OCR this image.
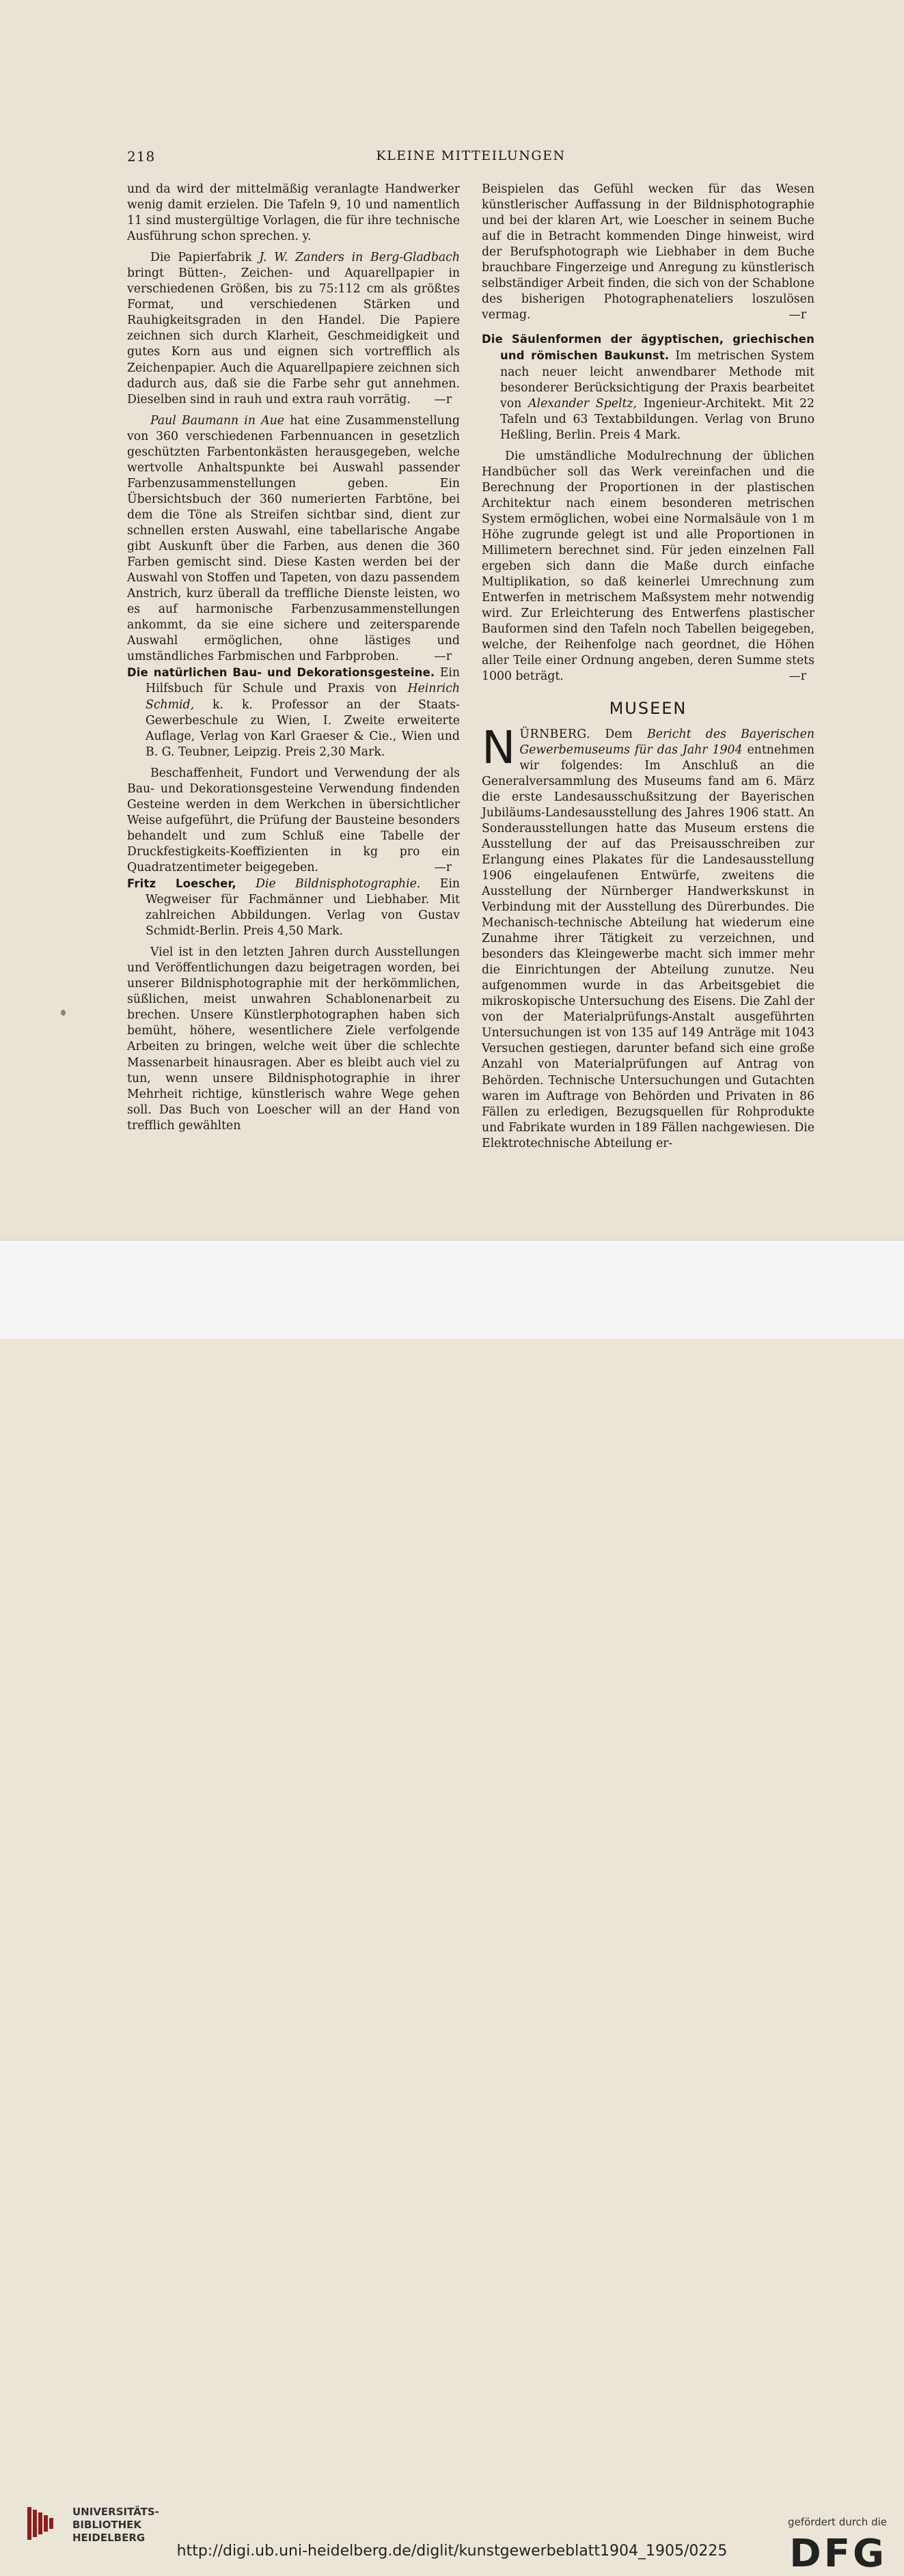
218	KLEINE MITTEILUNGEN

und da wird der mittelmäßig veranlagte Handwerker wenig damit erzielen. Die Tafeln 9, 10 und namentlich 11 sind mustergültige Vorlagen, die für ihre technische Ausführung schon sprechen. y.

Die Papierfabrik J. W. Zanders in Berg-Gladbach bringt Bütten-, Zeichen- und Aquarellpapier in verschiedenen Größen, bis zu 75:112 cm als größtes Format, und verschiedenen Stärken und Rauhigkeitsgraden in den Handel. Die Papiere zeichnen sich durch Klarheit, Geschmeidigkeit und gutes Korn aus und eignen sich vortrefflich als Zeichenpapier. Auch die Aquarellpapiere zeichnen sich dadurch aus, daß sie die Farbe sehr gut annehmen. Dieselben sind in rauh und extra rauh vorrätig.	—r

Paul Baumann in Aue hat eine Zusammenstellung von 360 verschiedenen Farbennuancen in gesetzlich geschützten Farbentonkästen herausgegeben, welche wertvolle Anhaltspunkte bei Auswahl passender Farbenzusammenstellungen geben. Ein Übersichtsbuch der 360 numerierten Farbtöne, bei dem die Töne als Streifen sichtbar sind, dient zur schnellen ersten Auswahl, eine tabellarische Angabe gibt Auskunft über die Farben, aus denen die 360 Farben gemischt sind. Diese Kasten werden bei der Auswahl von Stoffen und Tapeten, von dazu passendem Anstrich, kurz überall da treffliche Dienste leisten, wo es auf harmonische Farbenzusammenstellungen ankommt, da sie eine sichere und zeitersparende Auswahl ermöglichen, ohne lästiges und umständliches Farbmischen und Farbproben.	—r

Die natürlichen Bau- und Dekorationsgesteine. Ein Hilfsbuch für Schule und Praxis von Heinrich Schmid, k. k. Professor an der Staats-Gewerbeschule zu Wien, I. Zweite erweiterte Auflage, Verlag von Karl Graeser & Cie., Wien und B. G. Teubner, Leipzig. Preis 2,30 Mark.

Beschaffenheit, Fundort und Verwendung der als Bau- und Dekorationsgesteine Verwendung findenden Gesteine werden in dem Werkchen in übersichtlicher Weise aufgeführt, die Prüfung der Bausteine besonders behandelt und zum Schluß eine Tabelle der Druckfestigkeits-Koeffizienten in kg pro ein Quadratzentimeter beigegeben.	—r

Fritz Loescher, Die Bildnisphotographie. Ein Wegweiser für Fachmänner und Liebhaber. Mit zahlreichen Abbildungen. Verlag von Gustav Schmidt-Berlin. Preis 4,50 Mark.

Viel ist in den letzten Jahren durch Ausstellungen und Veröffentlichungen dazu beigetragen worden, bei unserer Bildnisphotographie mit der herkömmlichen, süßlichen, meist unwahren Schablonenarbeit zu brechen. Unsere Künstlerphotographen haben sich bemüht, höhere, wesentlichere Ziele verfolgende Arbeiten zu bringen, welche weit über die schlechte Massenarbeit hinausragen. Aber es bleibt auch viel zu tun, wenn unsere Bildnisphotographie in ihrer Mehrheit richtige, künstlerisch wahre Wege gehen soll. Das Buch von Loescher will an der Hand von trefflich gewählten

Beispielen das Gefühl wecken für das Wesen künstlerischer Auffassung in der Bildnisphotographie und bei der klaren Art, wie Loescher in seinem Buche auf die in Betracht kommenden Dinge hinweist, wird der Berufsphotograph wie Liebhaber in dem Buche brauchbare Fingerzeige und Anregung zu künstlerisch selbständiger Arbeit finden, die sich von der Schablone des bisherigen Photographenateliers loszulösen vermag.	—r

Die Säulenformen der ägyptischen, griechischen und römischen Baukunst. Im metrischen System nach neuer leicht anwendbarer Methode mit besonderer Berücksichtigung der Praxis bearbeitet von Alexander Speltz, Ingenieur-Architekt. Mit 22 Tafeln und 63 Textabbildungen. Verlag von Bruno Heßling, Berlin. Preis 4 Mark.

Die umständliche Modulrechnung der üblichen Handbücher soll das Werk vereinfachen und die Berechnung der Proportionen in der plastischen Architektur nach einem besonderen metrischen System ermöglichen, wobei eine Normalsäule von 1 m Höhe zugrunde gelegt ist und alle Proportionen in Millimetern berechnet sind. Für jeden einzelnen Fall ergeben sich dann die Maße durch einfache Multiplikation, so daß keinerlei Umrechnung zum Entwerfen in metrischem Maßsystem mehr notwendig wird. Zur Erleichterung des Entwerfens plastischer Bauformen sind den Tafeln noch Tabellen beigegeben, welche, der Reihenfolge nach geordnet, die Höhen aller Teile einer Ordnung angeben, deren Summe stets 1000 beträgt.	—r

MUSEEN

NÜRNBERG. Dem Bericht des Bayerischen Gewerbemuseums für das Jahr 1904 entnehmen wir folgendes: Im Anschluß an die Generalversammlung des Museums fand am 6. März die erste Landesausschußsitzung der Bayerischen Jubiläums-Landesausstellung des Jahres 1906 statt. An Sonderausstellungen hatte das Museum erstens die Ausstellung der auf das Preisausschreiben zur Erlangung eines Plakates für die Landesausstellung 1906 eingelaufenen Entwürfe, zweitens die Ausstellung der Nürnberger Handwerkskunst in Verbindung mit der Ausstellung des Dürerbundes. Die Mechanisch-technische Abteilung hat wiederum eine Zunahme ihrer Tätigkeit zu verzeichnen, und besonders das Kleingewerbe macht sich immer mehr die Einrichtungen der Abteilung zunutze. Neu aufgenommen wurde in das Arbeitsgebiet die mikroskopische Untersuchung des Eisens. Die Zahl der von der Materialprüfungs-Anstalt ausgeführten Untersuchungen ist von 135 auf 149 Anträge mit 1043 Versuchen gestiegen, darunter befand sich eine große Anzahl von Materialprüfungen auf Antrag von Behörden. Technische Untersuchungen und Gutachten waren im Auftrage von Behörden und Privaten in 86 Fällen zu erledigen, Bezugsquellen für Rohprodukte und Fabrikate wurden in 189 Fällen nachgewiesen. Die Elektrotechnische Abteilung er-

UNIVERSITÄTS-
BIBLIOTHEK
HEIDELBERG
http://digi.ub.uni-heidelberg.de/diglit/kunstgewerbeblatt1904_1905/0225
gefördert durch die
DFG
